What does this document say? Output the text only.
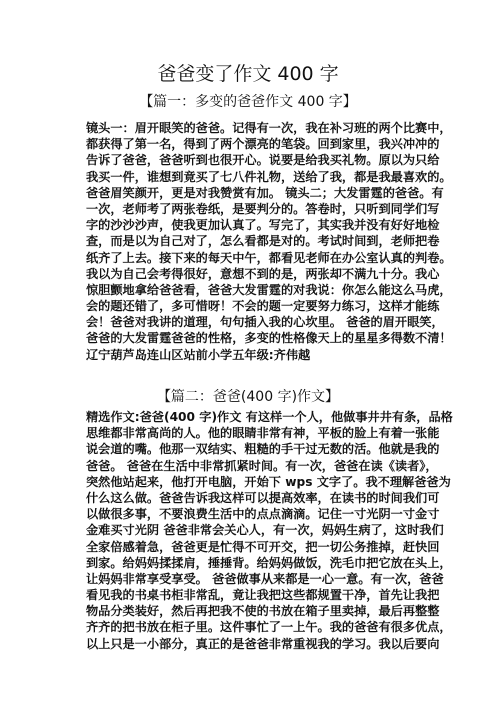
爸爸变了作文 400 字
【篇一：多变的爸爸作文 400 字】
镜头一：眉开眼笑的爸爸。记得有一次，我在补习班的两个比赛中，
都获得了第一名，得到了两个漂亮的笔袋。回到家里，我兴冲冲的
告诉了爸爸，爸爸听到也很开心。说要是给我买礼物。原以为只给
我买一件，谁想到竟买了七八件礼物，送给了我，都是我最喜欢的。
爸爸眉笑颜开，更是对我赞赏有加。 镜头二；大发雷霆的爸爸。有
一次，老师考了两张卷纸，是要判分的。答卷时，只听到同学们写
字的沙沙沙声，使我更加认真了。写完了，其实我并没有好好地检
查，而是以为自己对了，怎么看都是对的。考试时间到，老师把卷
纸齐了上去。接下来的每天中午，都看见老师在办公室认真的判卷。
我以为自己会考得很好，意想不到的是，两张却不满九十分。我心
惊胆颤地拿给爸爸看，爸爸大发雷霆的对我说：你怎么能这么马虎，
会的题还错了，多可惜呀！不会的题一定要努力练习，这样才能练
会！爸爸对我讲的道理，句句插入我的心坎里。 爸爸的眉开眼笑，
爸爸的大发雷霆爸爸的性格，多变的性格像天上的星星多得数不清！
辽宁葫芦岛连山区站前小学五年级:齐伟越
【篇二：爸爸(400 字)作文】
精选作文:爸爸(400 字)作文 有这样一个人，他做事井井有条，品格
思维都非常高尚的人。他的眼睛非常有神，平板的脸上有着一张能
说会道的嘴。他那一双结实、粗糙的手干过无数的活。他就是我的
爸爸。 爸爸在生活中非常抓紧时间。有一次，爸爸在读《读者》，
突然他站起来，他打开电脑，开始下 wps 文字了。我不理解爸爸为
什么这么做。爸爸告诉我这样可以提高效率，在读书的时间我们可
以做很多事，不要浪费生活中的点点滴滴。记住一寸光阴一寸金寸
金难买寸光阴 爸爸非常会关心人，有一次，妈妈生病了，这时我们
全家倍感着急，爸爸更是忙得不可开交，把一切公务推掉，赶快回
到家。给妈妈揉揉肩，捶捶背。给妈妈做饭，洗毛巾把它放在头上，
让妈妈非常享受享受。 爸爸做事从来都是一心一意。有一次，爸爸
看见我的书桌书柜非常乱，竟让我把这些都规置干净，首先让我把
物品分类装好，然后再把我不使的书放在箱子里卖掉，最后再整整
齐齐的把书放在柜子里。这件事忙了一上午。我的爸爸有很多优点，
以上只是一小部分，真正的是爸爸非常重视我的学习。我以后要向
